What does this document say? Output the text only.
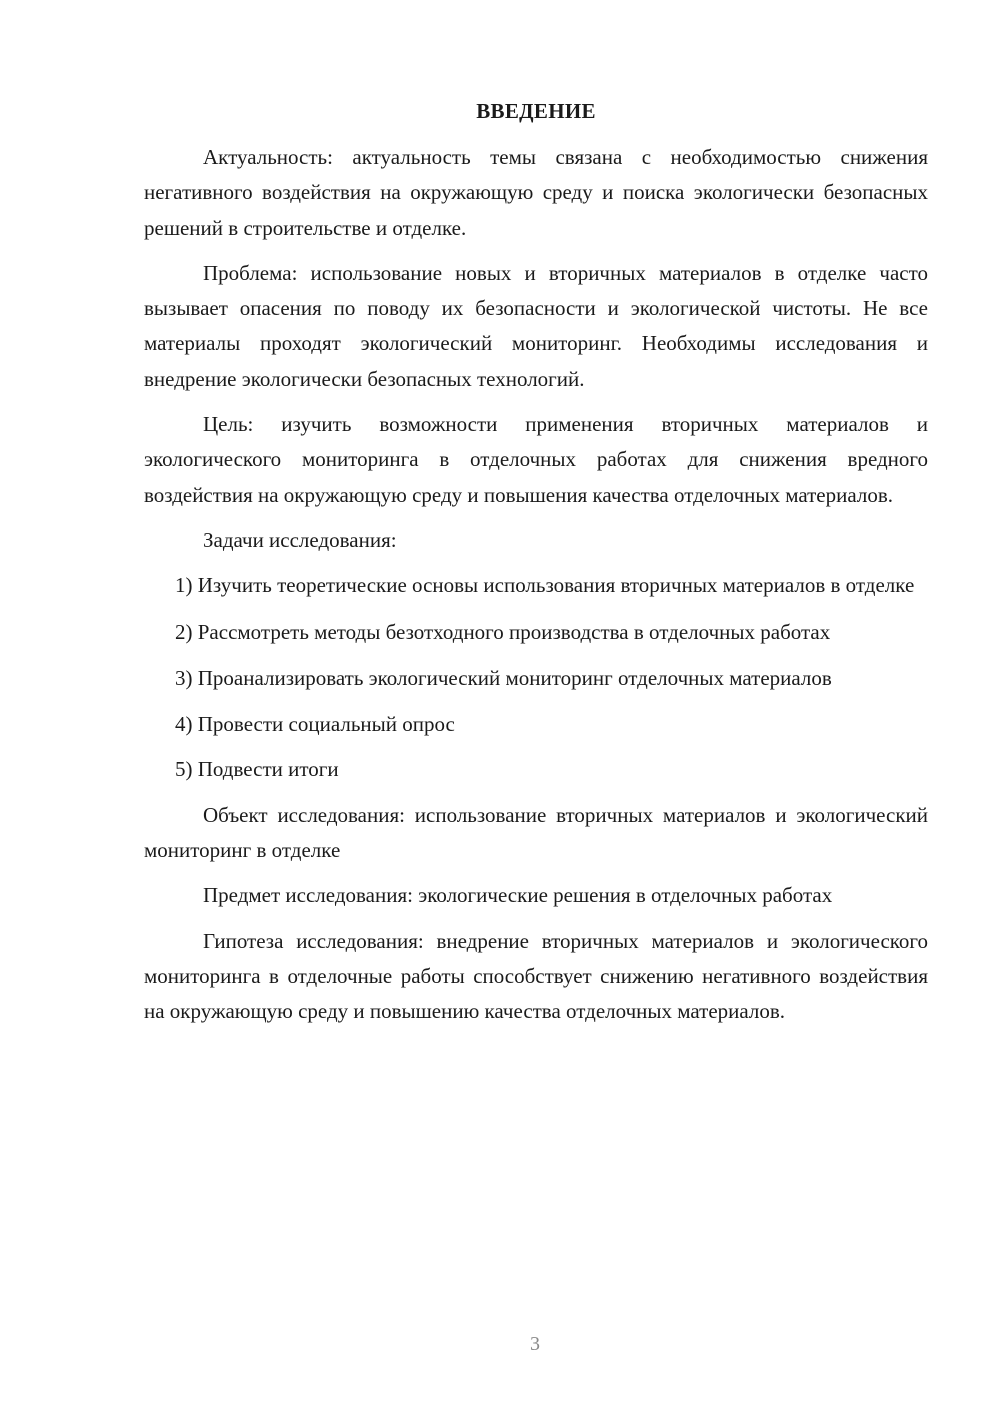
ВВЕДЕНИЕ

Актуальность: актуальность темы связана с необходимостью снижения негативного воздействия на окружающую среду и поиска экологически безопасных решений в строительстве и отделке.

Проблема: использование новых и вторичных материалов в отделке часто вызывает опасения по поводу их безопасности и экологической чистоты. Не все материалы проходят экологический мониторинг. Необходимы исследования и внедрение экологически безопасных технологий.

Цель: изучить возможности применения вторичных материалов и экологического мониторинга в отделочных работах для снижения вредного воздействия на окружающую среду и повышения качества отделочных материалов.

Задачи исследования:

1) Изучить теоретические основы использования вторичных материалов в отделке

2) Рассмотреть методы безотходного производства в отделочных работах

3) Проанализировать экологический мониторинг отделочных материалов

4) Провести социальный опрос

5) Подвести итоги

Объект исследования: использование вторичных материалов и экологический мониторинг в отделке

Предмет исследования: экологические решения в отделочных работах

Гипотеза исследования: внедрение вторичных материалов и экологического мониторинга в отделочные работы способствует снижению негативного воздействия на окружающую среду и повышению качества отделочных материалов.

3
